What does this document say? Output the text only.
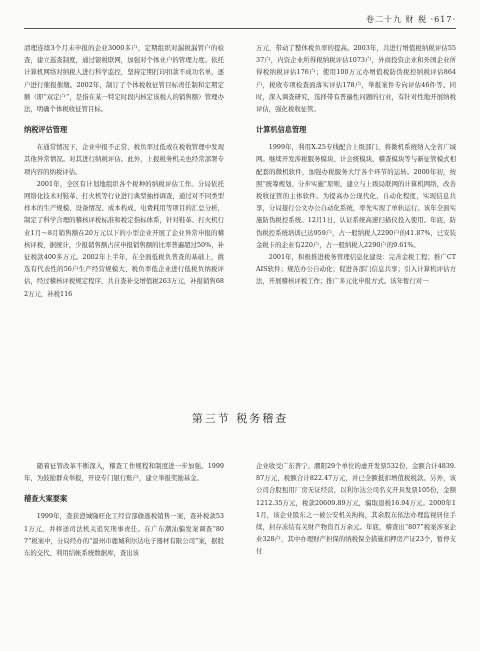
卷二十九 财 税 ·617·

清理连续3个月未申报的企业3000多户，定期组织对漏税漏管户的检查，建立巡查制度，通过银税联网，加强对个体业户的管理力度。依托计算机网络对纳税人进行科学监控，坚持定期打印扣款不成功名单，逐户进行催报催缴。2002年，制订了个体税收征管目标责任制和定期定额（即“双定户”，是指在某一特定时段内核定该税人的销售额）管理办法，明确个体税收征管目标。

纳税评估管理

在通常情况下，企业申报不正常、税负率过低或在税收管理中发现其他异常情况。对其进行纳税评估。此外，上报税务机关也经常部署专项内容的纳税评估。

2001年，全区有计划地组织各个税种的纳税评估工作。分局依托网络化技术对鞋革、打火机等行业进行典型抽样调查，通过对不同类型样本的生产规模、设备情况、成本构成、电费耗用等项目的汇总分析，制定了科学合理的稽核评税标准和税定指标体系，针对鞋革、打火机行业1月～8月销售额在20万元以下的小型企业开展了企业异常申报的稽核评税，据统计，少报销售额占应申报销售额的比率普遍超过50%，补征税款400多万元。2002年上半年，在全面低税负普查的基础上，挑选有代表性的56户生产经营规模大、税负率低企业进行低税负纳税评估，经过稽核评税规定程序，共自查补交增值税263万元，补报销售682万元，补税116

万元，带动了整体税负率的提高。2003年，共进行增值税纳税评估5537户，内资企业所得税纳税评估1073户，外商投资企业和外国企业所得税纳税评估176户；使用100万元办增值税防伪税控纳税评估864户，税收专项检查面落实评估178户，举报案件专向评估46件等。同时，深入调查研究，选择带有普遍性问题的行业，有针对性地开展纳税评估，强化税收征管。

计算机信息管理

1999年，利用X.25专线配合上级部门，将微机系统纳入全省广域网。继续开发涉税服务模块、计会统模块、稽查模块等与新征管模式相配套的微机软件，加强办税服务大厅各个环节的运转。2000年初，按照“统筹规划、分步实施”原则，建立与上级局联网的计算机网络，改善税收征管的主体软件。为提高办公现代化、自动化程度，实现信息共享，分局接行公文办公自动化系统，率先实现了单轨运行。该年全面实施防伪税控系统。12月1日，认证系统高速扫描仪投入使用。年底，防伪税控系统培训已达959户，占一般纳税人2290户的41.87%，已安装金税卡的企业有220户，占一般纳税人2290户的9.61%。

2001年，积极推进税务管理信息化建设：完善金税工程；推广CTAIS软件；规范办公自动化；促进各部门信息共享；引入计算机评估方法，开展稽核评税工作；推广多元化申报方式。该年暂行对一

第三节 税务稽查

随着征管改革不断深入，稽查工作规程和制度进一步加强。1999年，为鼓励群众举报，开设专门银行账户，建立举报奖励基金。

稽查大案要案

1999年，查获澄城隆旺化工经营部偷逃税销售一案，查补税款531万元，并移送司法机关追究刑事责任。在广东潮汕骗发案调查“807”税案中，分局经办的“温州市鹿城利尔达电子器材有限公司”案，据股东的交代、利用结帐系统数据库，查出该

企业收受广东普宁、潮阳29个单位的虚开发票532份，金额合计4839.87万元，税额合计822.47万元，并已全额抵扣增值税税款。另外，该公司合股租用厂房无证经营，以利尔达公司名义开具发票105份，金额1212.35万元，税款20609.89万元，骗取退税16.94万元。2000年11月，该企业股东之一被公安机关拘拘，其余股东依法办理监视居住手续，封存冻结有关财产物资百万余元。年底，稽查出“807”税案涉案企业328户，其中办理财产担保的纳税保全措施扣押房产证23个，暂停支付
